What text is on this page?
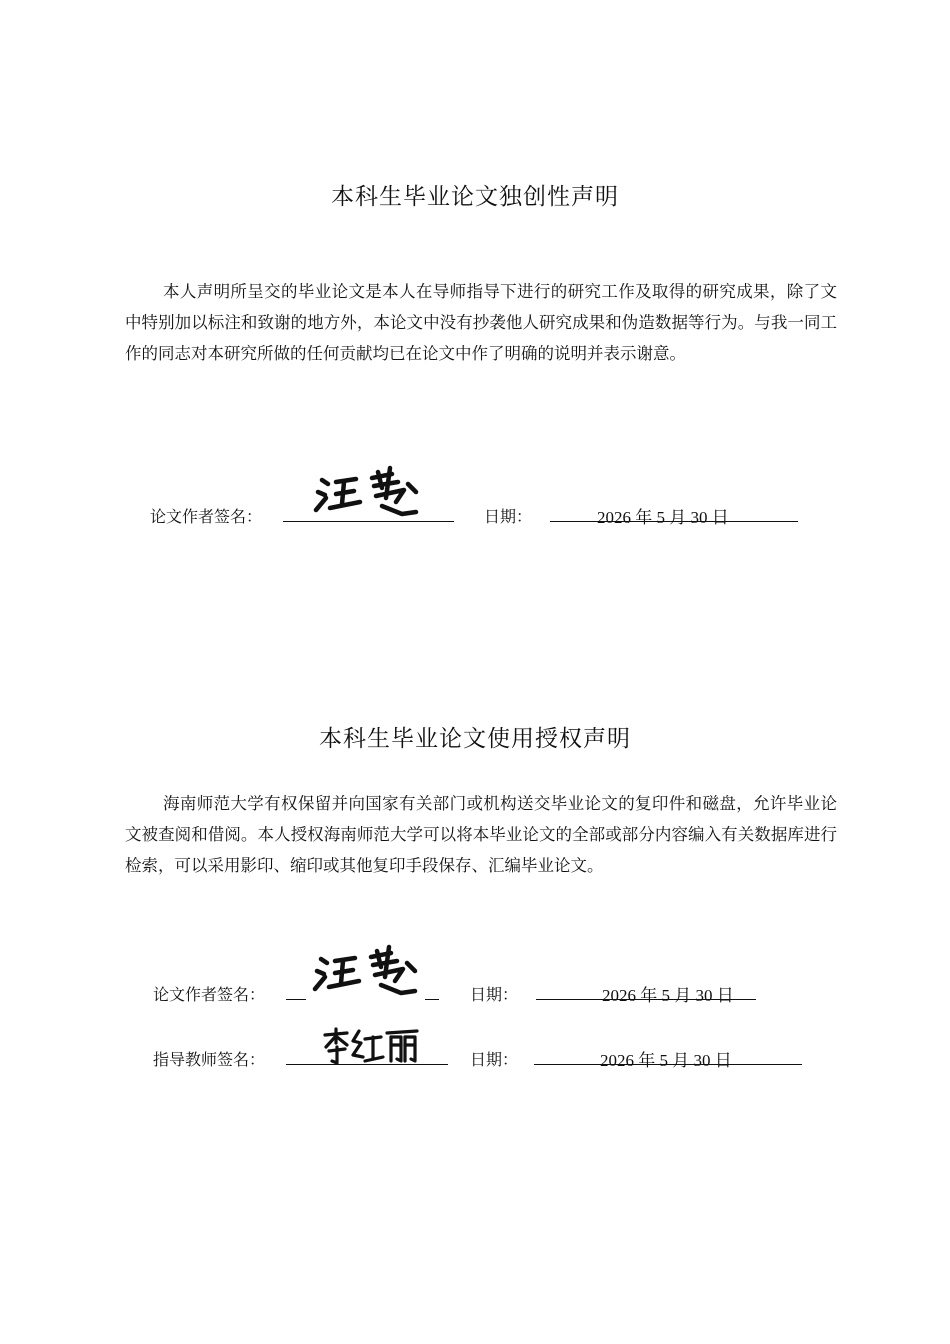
本科生毕业论文独创性声明

本人声明所呈交的毕业论文是本人在导师指导下进行的研究工作及取得的研究成果，除了文中特别加以标注和致谢的地方外，本论文中没有抄袭他人研究成果和伪造数据等行为。与我一同工作的同志对本研究所做的任何贡献均已在论文中作了明确的说明并表示谢意。

论文作者签名：	日期：	2026 年 5 月 30 日
本科生毕业论文使用授权声明

海南师范大学有权保留并向国家有关部门或机构送交毕业论文的复印件和磁盘，允许毕业论文被查阅和借阅。本人授权海南师范大学可以将本毕业论文的全部或部分内容编入有关数据库进行检索，可以采用影印、缩印或其他复印手段保存、汇编毕业论文。

论文作者签名：	日期：	2026 年 5 月 30 日
指导教师签名：	日期：	2026 年 5 月 30 日
